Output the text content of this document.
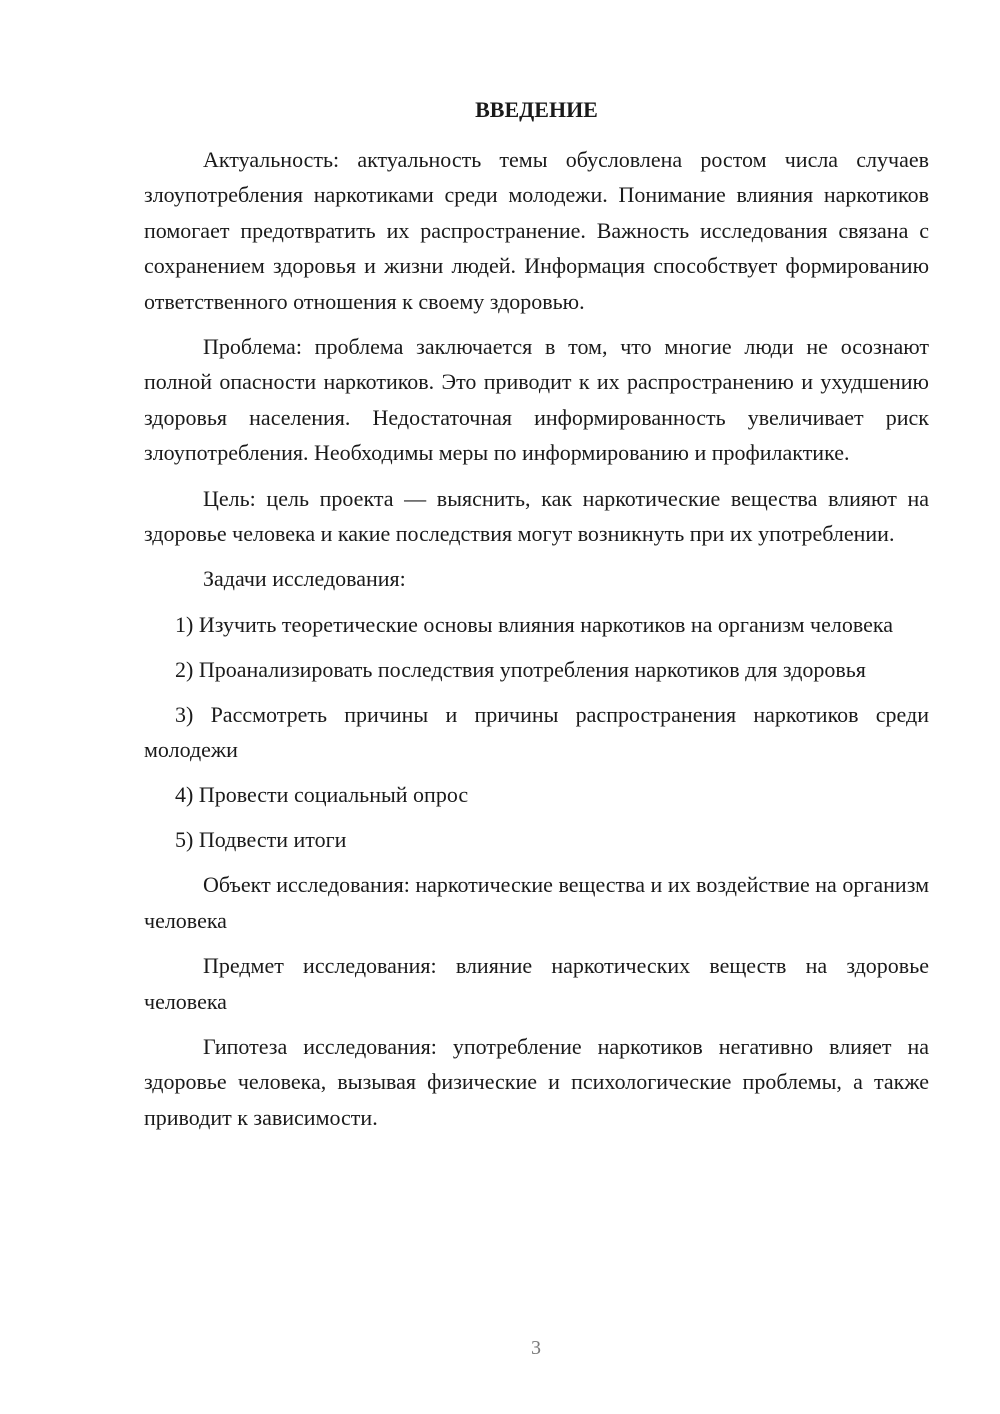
ВВЕДЕНИЕ

Актуальность: актуальность темы обусловлена ростом числа случаев злоупотребления наркотиками среди молодежи. Понимание влияния наркотиков помогает предотвратить их распространение. Важность исследования связана с сохранением здоровья и жизни людей. Информация способствует формированию ответственного отношения к своему здоровью.

Проблема: проблема заключается в том, что многие люди не осознают полной опасности наркотиков. Это приводит к их распространению и ухудшению здоровья населения. Недостаточная информированность увеличивает риск злоупотребления. Необходимы меры по информированию и профилактике.

Цель: цель проекта — выяснить, как наркотические вещества влияют на здоровье человека и какие последствия могут возникнуть при их употреблении.

Задачи исследования:

1) Изучить теоретические основы влияния наркотиков на организм человека

2) Проанализировать последствия употребления наркотиков для здоровья

3) Рассмотреть причины и причины распространения наркотиков среди молодежи

4) Провести социальный опрос

5) Подвести итоги

Объект исследования: наркотические вещества и их воздействие на организм человека

Предмет исследования: влияние наркотических веществ на здоровье человека

Гипотеза исследования: употребление наркотиков негативно влияет на здоровье человека, вызывая физические и психологические проблемы, а также приводит к зависимости.

3
